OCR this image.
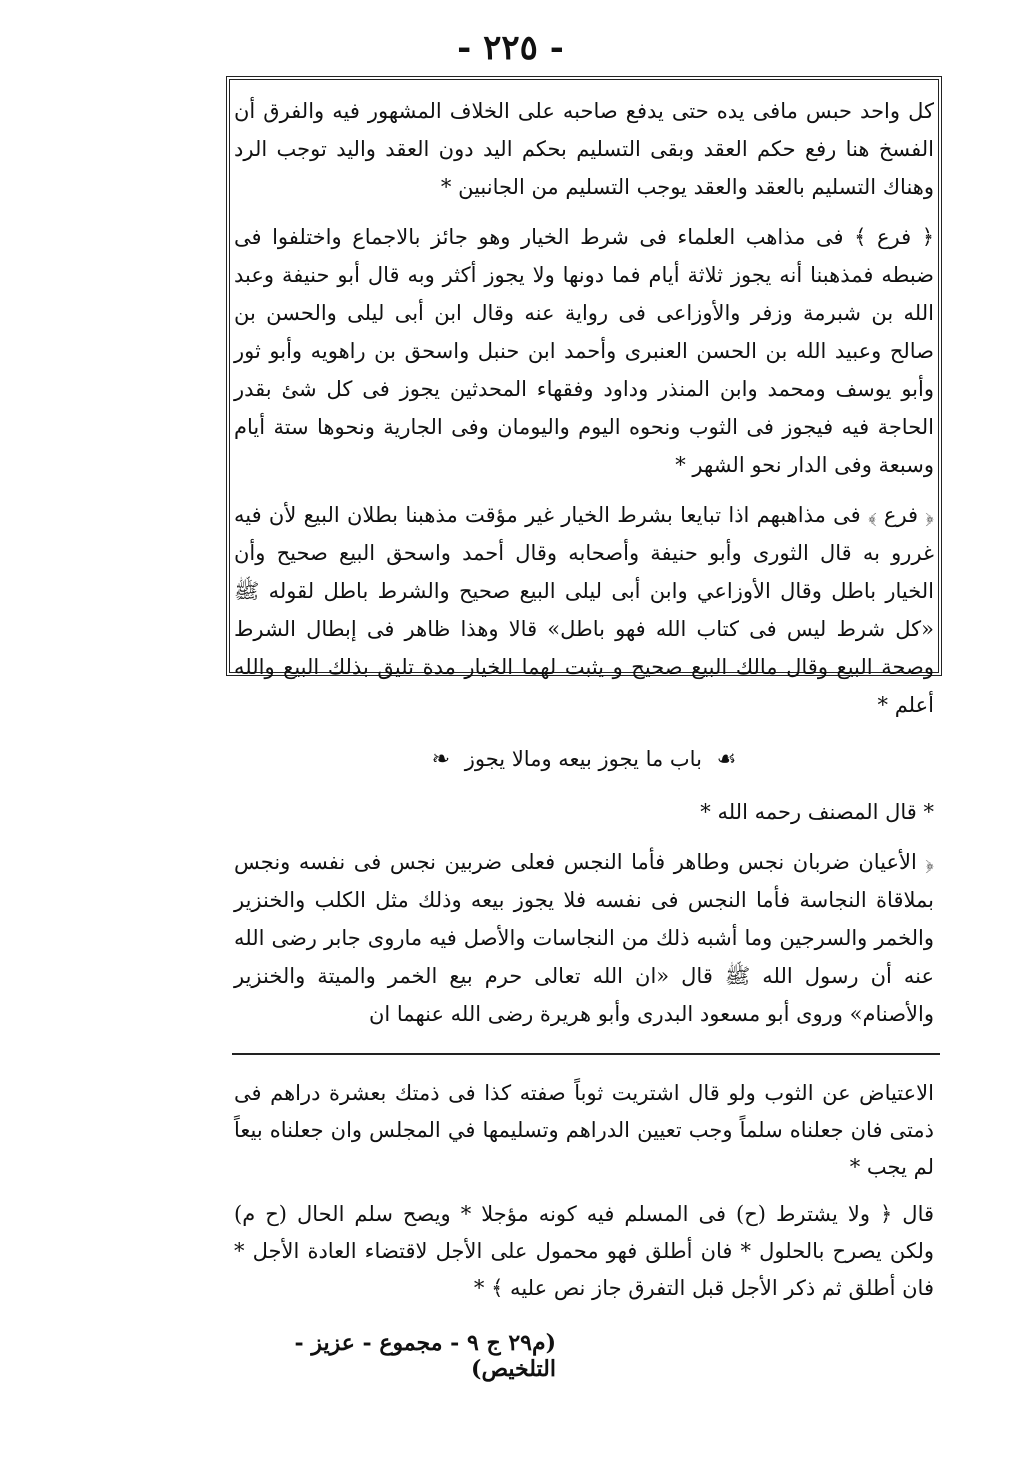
- ٢٢٥ -

كل واحد حبس مافى يده حتى يدفع صاحبه على الخلاف المشهور فيه والفرق أن الفسخ هنا رفع حكم العقد وبقى التسليم بحكم اليد دون العقد واليد توجب الرد وهناك التسليم بالعقد والعقد يوجب التسليم من الجانبين *

﴿ فرع ﴾ فى مذاهب العلماء فى شرط الخيار وهو جائز بالاجماع واختلفوا فى ضبطه فمذهبنا أنه يجوز ثلاثة أيام فما دونها ولا يجوز أكثر وبه قال أبو حنيفة وعبد الله بن شبرمة وزفر والأوزاعى فى رواية عنه وقال ابن أبى ليلى والحسن بن صالح وعبيد الله بن الحسن العنبرى وأحمد ابن حنبل واسحق بن راهويه وأبو ثور وأبو يوسف ومحمد وابن المنذر وداود وفقهاء المحدثين يجوز فى كل شئ بقدر الحاجة فيه فيجوز فى الثوب ونحوه اليوم واليومان وفى الجارية ونحوها ستة أيام وسبعة وفى الدار نحو الشهر *

﴿ فرع ﴾ فى مذاهبهم اذا تبايعا بشرط الخيار غير مؤقت مذهبنا بطلان البيع لأن فيه غررو به قال الثورى وأبو حنيفة وأصحابه وقال أحمد واسحق البيع صحيح وأن الخيار باطل وقال الأوزاعي وابن أبى ليلى البيع صحيح والشرط باطل لقوله ﷺ «كل شرط ليس فى كتاب الله فهو باطل» قالا وهذا ظاهر فى إبطال الشرط وصحة البيع وقال مالك البيع صحيح و يثبت لهما الخيار مدة تليق بذلك البيع والله أعلم *

☙ باب ما يجوز بيعه ومالا يجوز ❧

* قال المصنف رحمه الله *

﴿ الأعيان ضربان نجس وطاهر فأما النجس فعلى ضربين نجس فى نفسه ونجس بملاقاة النجاسة فأما النجس فى نفسه فلا يجوز بيعه وذلك مثل الكلب والخنزير والخمر والسرجين وما أشبه ذلك من النجاسات والأصل فيه ماروى جابر رضى الله عنه أن رسول الله ﷺ قال «ان الله تعالى حرم بيع الخمر والميتة والخنزير والأصنام» وروى أبو مسعود البدرى وأبو هريرة رضى الله عنهما ان

الاعتياض عن الثوب ولو قال اشتريت ثوباً صفته كذا فى ذمتك بعشرة دراهم فى ذمتى فان جعلناه سلماً وجب تعيين الدراهم وتسليمها في المجلس وان جعلناه بيعاً لم يجب *

قال ﴿ ولا يشترط (ح) فى المسلم فيه كونه مؤجلا * ويصح سلم الحال (ح م) ولكن يصرح بالحلول * فان أطلق فهو محمول على الأجل لاقتضاء العادة الأجل * فان أطلق ثم ذكر الأجل قبل التفرق جاز نص عليه ﴾ *

(م٢٩ ج ٩ - مجموع - عزيز - التلخيص)
